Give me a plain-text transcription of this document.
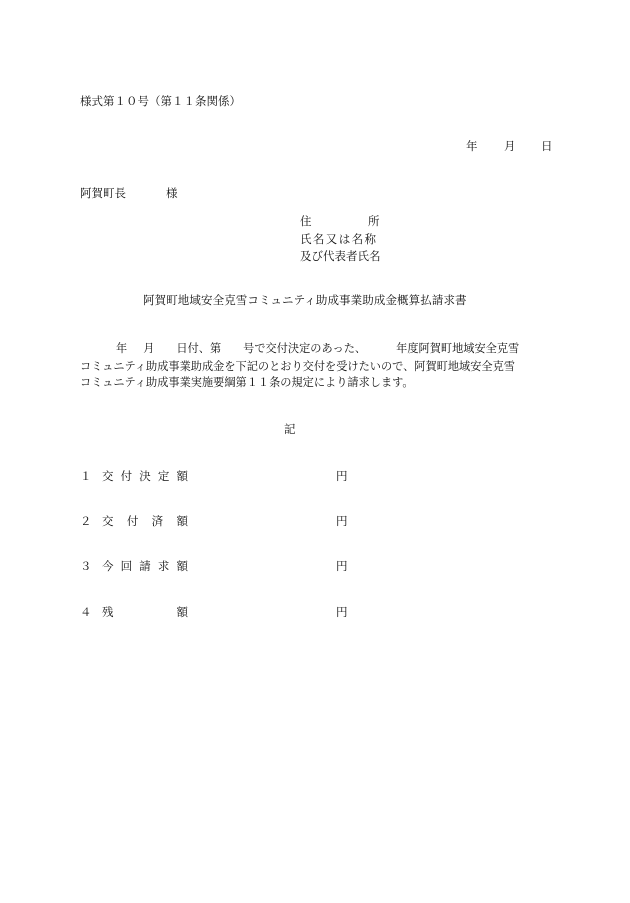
様式第１０号（第１１条関係）
年 月 日
阿賀町長	様
住	所
氏名又は名称
及び代表者氏名
阿賀町地域安全克雪コミュニティ助成事業助成金概算払請求書
年 月 日付、第 号で交付決定のあった、	年度阿賀町地域安全克雪
コミュニティ助成事業助成金を下記のとおり交付を受けたいので、阿賀町地域安全克雪
コミュニティ助成事業実施要綱第１１条の規定により請求します。
記
１ 交 付 決 定 額	円
２ 交 付 済 額	円
３ 今 回 請 求 額	円
４ 残	額	円
